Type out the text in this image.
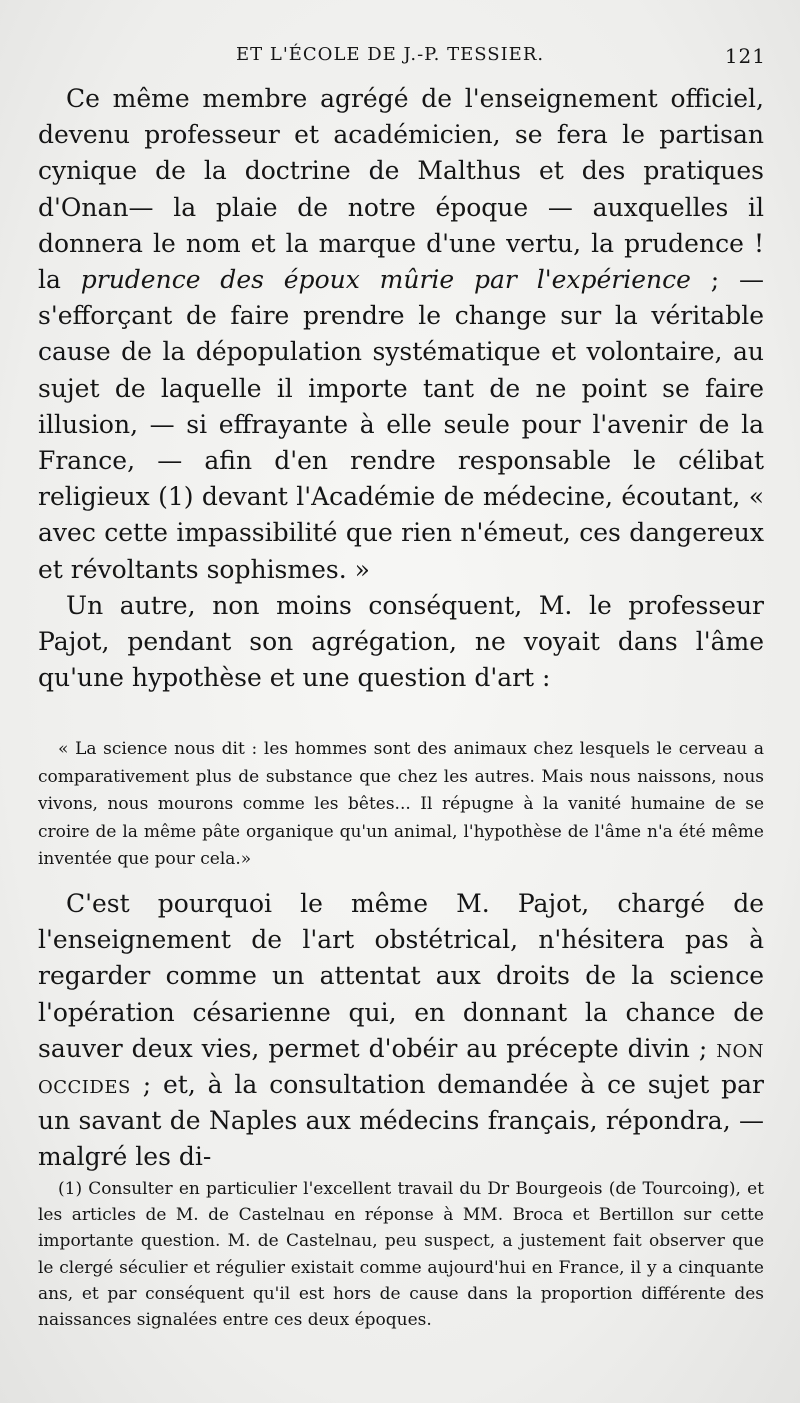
ET L'ÉCOLE DE J.-P. TESSIER.	121

Ce même membre agrégé de l'enseignement officiel, devenu professeur et académicien, se fera le partisan cynique de la doctrine de Malthus et des pratiques d'Onan— la plaie de notre époque — auxquelles il donnera le nom et la marque d'une vertu, la prudence ! la prudence des époux mûrie par l'expérience ; — s'efforçant de faire prendre le change sur la véritable cause de la dépopulation systématique et volontaire, au sujet de laquelle il importe tant de ne point se faire illusion, — si effrayante à elle seule pour l'avenir de la France, — afin d'en rendre responsable le célibat religieux (1) devant l'Académie de médecine, écoutant, « avec cette impassibilité que rien n'émeut, ces dangereux et révoltants sophismes. »

Un autre, non moins conséquent, M. le professeur Pajot, pendant son agrégation, ne voyait dans l'âme qu'une hypothèse et une question d'art :

« La science nous dit : les hommes sont des animaux chez lesquels le cerveau a comparativement plus de substance que chez les autres. Mais nous naissons, nous vivons, nous mourons comme les bêtes... Il répugne à la vanité humaine de se croire de la même pâte organique qu'un animal, l'hypothèse de l'âme n'a été même inventée que pour cela.»

C'est pourquoi le même M. Pajot, chargé de l'enseignement de l'art obstétrical, n'hésitera pas à regarder comme un attentat aux droits de la science l'opération césarienne qui, en donnant la chance de sauver deux vies, permet d'obéir au précepte divin ; non occides ; et, à la consultation demandée à ce sujet par un savant de Naples aux médecins français, répondra, —malgré les di-

(1) Consulter en particulier l'excellent travail du Dr Bourgeois (de Tourcoing), et les articles de M. de Castelnau en réponse à MM. Broca et Bertillon sur cette importante question. M. de Castelnau, peu suspect, a justement fait observer que le clergé séculier et régulier existait comme aujourd'hui en France, il y a cinquante ans, et par conséquent qu'il est hors de cause dans la proportion différente des naissances signalées entre ces deux époques.
